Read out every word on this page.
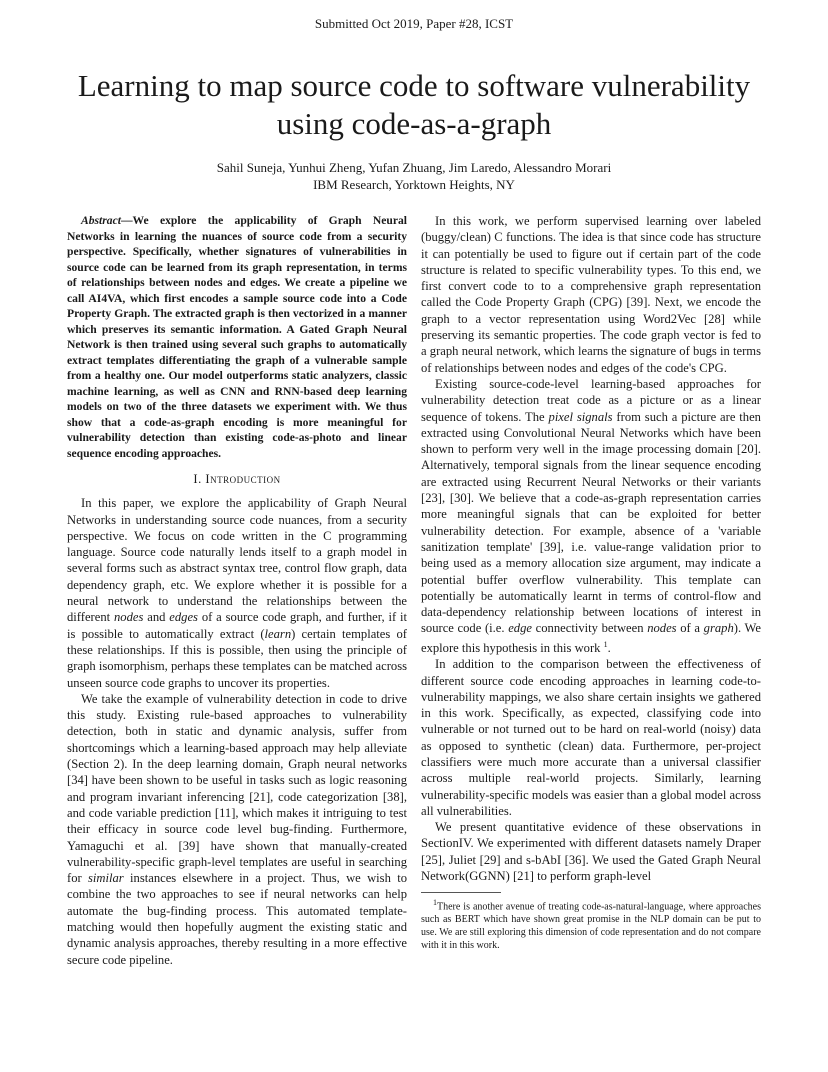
Submitted Oct 2019, Paper #28, ICST
Learning to map source code to software vulnerability using code-as-a-graph
Sahil Suneja, Yunhui Zheng, Yufan Zhuang, Jim Laredo, Alessandro Morari
IBM Research, Yorktown Heights, NY

Abstract—We explore the applicability of Graph Neural Networks in learning the nuances of source code from a security perspective. Specifically, whether signatures of vulnerabilities in source code can be learned from its graph representation, in terms of relationships between nodes and edges. We create a pipeline we call AI4VA, which first encodes a sample source code into a Code Property Graph. The extracted graph is then vectorized in a manner which preserves its semantic information. A Gated Graph Neural Network is then trained using several such graphs to automatically extract templates differentiating the graph of a vulnerable sample from a healthy one. Our model outperforms static analyzers, classic machine learning, as well as CNN and RNN-based deep learning models on two of the three datasets we experiment with. We thus show that a code-as-graph encoding is more meaningful for vulnerability detection than existing code-as-photo and linear sequence encoding approaches.

I. Introduction

In this paper, we explore the applicability of Graph Neural Networks in understanding source code nuances, from a security perspective. We focus on code written in the C programming language. Source code naturally lends itself to a graph model in several forms such as abstract syntax tree, control flow graph, data dependency graph, etc. We explore whether it is possible for a neural network to understand the relationships between the different nodes and edges of a source code graph, and further, if it is possible to automatically extract (learn) certain templates of these relationships. If this is possible, then using the principle of graph isomorphism, perhaps these templates can be matched across unseen source code graphs to uncover its properties.

We take the example of vulnerability detection in code to drive this study. Existing rule-based approaches to vulnerability detection, both in static and dynamic analysis, suffer from shortcomings which a learning-based approach may help alleviate (Section 2). In the deep learning domain, Graph neural networks [34] have been shown to be useful in tasks such as logic reasoning and program invariant inferencing [21], code categorization [38], and code variable prediction [11], which makes it intriguing to test their efficacy in source code level bug-finding. Furthermore, Yamaguchi et al. [39] have shown that manually-created vulnerability-specific graph-level templates are useful in searching for similar instances elsewhere in a project. Thus, we wish to combine the two approaches to see if neural networks can help automate the bug-finding process. This automated template-matching would then hopefully augment the existing static and dynamic analysis approaches, thereby resulting in a more effective secure code pipeline.

In this work, we perform supervised learning over labeled (buggy/clean) C functions. The idea is that since code has structure it can potentially be used to figure out if certain part of the code structure is related to specific vulnerability types. To this end, we first convert code to to a comprehensive graph representation called the Code Property Graph (CPG) [39]. Next, we encode the graph to a vector representation using Word2Vec [28] while preserving its semantic properties. The code graph vector is fed to a graph neural network, which learns the signature of bugs in terms of relationships between nodes and edges of the code's CPG.

Existing source-code-level learning-based approaches for vulnerability detection treat code as a picture or as a linear sequence of tokens. The pixel signals from such a picture are then extracted using Convolutional Neural Networks which have been shown to perform very well in the image processing domain [20]. Alternatively, temporal signals from the linear sequence encoding are extracted using Recurrent Neural Networks or their variants [23], [30]. We believe that a code-as-graph representation carries more meaningful signals that can be exploited for better vulnerability detection. For example, absence of a 'variable sanitization template' [39], i.e. value-range validation prior to being used as a memory allocation size argument, may indicate a potential buffer overflow vulnerability. This template can potentially be automatically learnt in terms of control-flow and data-dependency relationship between locations of interest in source code (i.e. edge connectivity between nodes of a graph). We explore this hypothesis in this work $^1$.

In addition to the comparison between the effectiveness of different source code encoding approaches in learning code-to-vulnerability mappings, we also share certain insights we gathered in this work. Specifically, as expected, classifying code into vulnerable or not turned out to be hard on real-world (noisy) data as opposed to synthetic (clean) data. Furthermore, per-project classifiers were much more accurate than a universal classifier across multiple real-world projects. Similarly, learning vulnerability-specific models was easier than a global model across all vulnerabilities.

We present quantitative evidence of these observations in SectionIV. We experimented with different datasets namely Draper [25], Juliet [29] and s-bAbI [36]. We used the Gated Graph Neural Network(GGNN) [21] to perform graph-level

$^1$There is another avenue of treating code-as-natural-language, where approaches such as BERT which have shown great promise in the NLP domain can be put to use. We are still exploring this dimension of code representation and do not compare with it in this work.
